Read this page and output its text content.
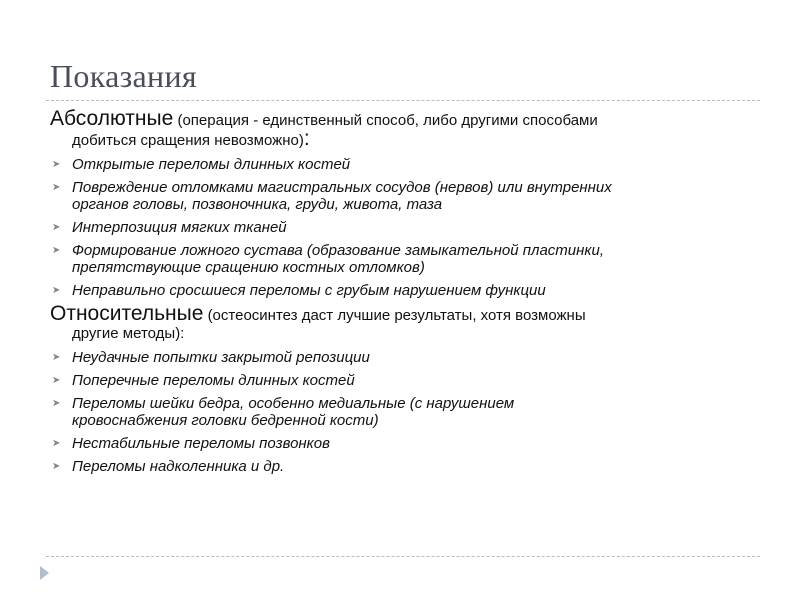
Показания
Абсолютные (операция - единственный способ, либо другими способами
добиться сращения невозможно):
➤ Открытые переломы длинных костей
➤ Повреждение отломками магистральных сосудов (нервов) или внутренних
органов головы, позвоночника, груди, живота, таза
➤ Интерпозиция мягких тканей
➤ Формирование ложного сустава (образование замыкательной пластинки,
препятствующие сращению костных отломков)
➤ Неправильно сросшиеся переломы с грубым нарушением функции
Относительные (остеосинтез даст лучшие результаты, хотя возможны
другие методы):
➤ Неудачные попытки закрытой репозиции
➤ Поперечные переломы длинных костей
➤ Переломы шейки бедра, особенно медиальные (с нарушением
кровоснабжения головки бедренной кости)
➤ Нестабильные переломы позвонков
➤ Переломы надколенника и др.
